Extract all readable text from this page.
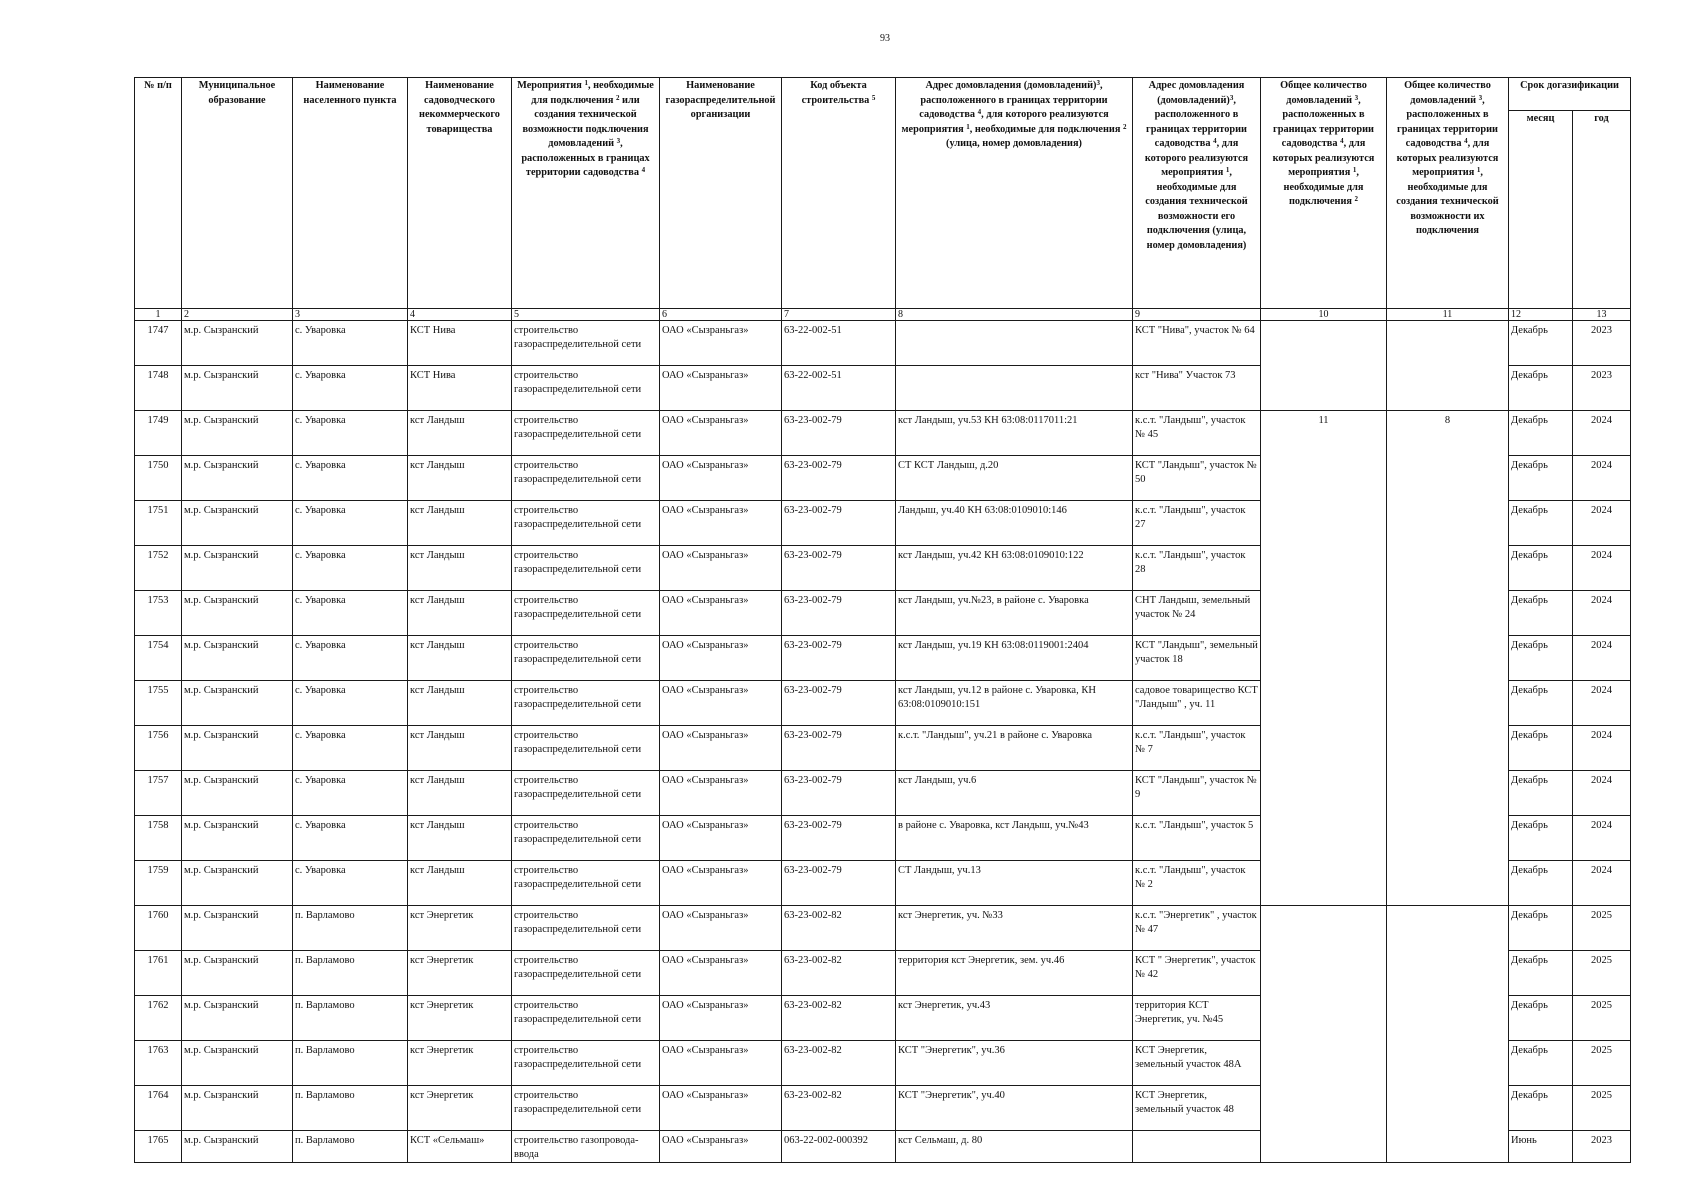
93
№ п/п	Муниципальное образование	Наименование населенного пункта	Наименование садоводческого некоммерческого товарищества	Мероприятия $^1$, необходимые для подключения $^2$ или создания технической возможности подключения домовладений $^3$, расположенных в границах территории садоводства $^4$	Наименование газораспределительной организации	Код объекта строительства $^5$	Адрес домовладения (домовладений)$^3$, расположенного в границах территории садоводства $^4$, для которого реализуются мероприятия $^1$, необходимые для подключения $^2$ (улица, номер домовладения)	Адрес домовладения (домовладений)$^3$, расположенного в границах территории садоводства $^4$, для которого реализуются мероприятия $^1$, необходимые для создания технической возможности его подключения (улица, номер домовладения)	Общее количество домовладений $^3$, расположенных в границах территории садоводства $^4$, для которых реализуются мероприятия $^1$, необходимые для подключения $^2$	Общее количество домовладений $^3$, расположенных в границах территории садоводства $^4$, для которых реализуются мероприятия $^1$, необходимые для создания технической возможности их подключения	Срок догазификации	
											месяц	год
1	2	3	4	5	6	7	8	9	10	11	12	13
1747	м.р. Сызранский	с. Уваровка	КСТ Нива	строительство газораспределительной сети	ОАО «Сызраньгаз»	63-22-002-51		КСТ "Нива", участок № 64			Декабрь	2023
1748	м.р. Сызранский	с. Уваровка	КСТ Нива	строительство газораспределительной сети	ОАО «Сызраньгаз»	63-22-002-51		кст "Нива" Участок 73			Декабрь	2023
1749	м.р. Сызранский	с. Уваровка	кст Ландыш	строительство газораспределительной сети	ОАО «Сызраньгаз»	63-23-002-79	кст Ландыш, уч.53 КН 63:08:0117011:21	к.с.т. "Ландыш", участок № 45	11	8	Декабрь	2024
1750	м.р. Сызранский	с. Уваровка	кст Ландыш	строительство газораспределительной сети	ОАО «Сызраньгаз»	63-23-002-79	СТ КСТ Ландыш, д.20	КСТ "Ландыш", участок № 50			Декабрь	2024
1751	м.р. Сызранский	с. Уваровка	кст Ландыш	строительство газораспределительной сети	ОАО «Сызраньгаз»	63-23-002-79	Ландыш, уч.40 КН 63:08:0109010:146	к.с.т. "Ландыш", участок 27			Декабрь	2024
1752	м.р. Сызранский	с. Уваровка	кст Ландыш	строительство газораспределительной сети	ОАО «Сызраньгаз»	63-23-002-79	кст Ландыш, уч.42 КН 63:08:0109010:122	к.с.т. "Ландыш", участок 28			Декабрь	2024
1753	м.р. Сызранский	с. Уваровка	кст Ландыш	строительство газораспределительной сети	ОАО «Сызраньгаз»	63-23-002-79	кст Ландыш, уч.№23, в районе с. Уваровка	СНТ Ландыш, земельный участок № 24			Декабрь	2024
1754	м.р. Сызранский	с. Уваровка	кст Ландыш	строительство газораспределительной сети	ОАО «Сызраньгаз»	63-23-002-79	кст Ландыш, уч.19 КН 63:08:0119001:2404	КСТ "Ландыш", земельный участок 18			Декабрь	2024
1755	м.р. Сызранский	с. Уваровка	кст Ландыш	строительство газораспределительной сети	ОАО «Сызраньгаз»	63-23-002-79	кст Ландыш, уч.12 в районе с. Уваровка, КН 63:08:0109010:151	садовое товарищество КСТ "Ландыш" , уч. 11			Декабрь	2024
1756	м.р. Сызранский	с. Уваровка	кст Ландыш	строительство газораспределительной сети	ОАО «Сызраньгаз»	63-23-002-79	к.с.т. "Ландыш", уч.21 в районе с. Уваровка	к.с.т. "Ландыш", участок № 7			Декабрь	2024
1757	м.р. Сызранский	с. Уваровка	кст Ландыш	строительство газораспределительной сети	ОАО «Сызраньгаз»	63-23-002-79	кст Ландыш, уч.6	КСТ "Ландыш", участок № 9			Декабрь	2024
1758	м.р. Сызранский	с. Уваровка	кст Ландыш	строительство газораспределительной сети	ОАО «Сызраньгаз»	63-23-002-79	в районе с. Уваровка, кст Ландыш, уч.№43	к.с.т. "Ландыш", участок 5			Декабрь	2024
1759	м.р. Сызранский	с. Уваровка	кст Ландыш	строительство газораспределительной сети	ОАО «Сызраньгаз»	63-23-002-79	СТ Ландыш, уч.13	к.с.т. "Ландыш", участок № 2			Декабрь	2024
1760	м.р. Сызранский	п. Варламово	кст Энергетик	строительство газораспределительной сети	ОАО «Сызраньгаз»	63-23-002-82	кст Энергетик, уч. №33	к.с.т. "Энергетик" , участок № 47			Декабрь	2025
1761	м.р. Сызранский	п. Варламово	кст Энергетик	строительство газораспределительной сети	ОАО «Сызраньгаз»	63-23-002-82	территория кст Энергетик, зем. уч.46	КСТ " Энергетик", участок № 42			Декабрь	2025
1762	м.р. Сызранский	п. Варламово	кст Энергетик	строительство газораспределительной сети	ОАО «Сызраньгаз»	63-23-002-82	кст Энергетик, уч.43	территория КСТ Энергетик, уч. №45			Декабрь	2025
1763	м.р. Сызранский	п. Варламово	кст Энергетик	строительство газораспределительной сети	ОАО «Сызраньгаз»	63-23-002-82	КСТ "Энергетик", уч.36	КСТ Энергетик, земельный участок 48А			Декабрь	2025
1764	м.р. Сызранский	п. Варламово	кст Энергетик	строительство газораспределительной сети	ОАО «Сызраньгаз»	63-23-002-82	КСТ "Энергетик", уч.40	КСТ Энергетик, земельный участок 48			Декабрь	2025
1765	м.р. Сызранский	п. Варламово	КСТ «Сельмаш»	строительство газопровода-ввода	ОАО «Сызраньгаз»	063-22-002-000392	кст Сельмаш, д. 80				Июнь	2023
